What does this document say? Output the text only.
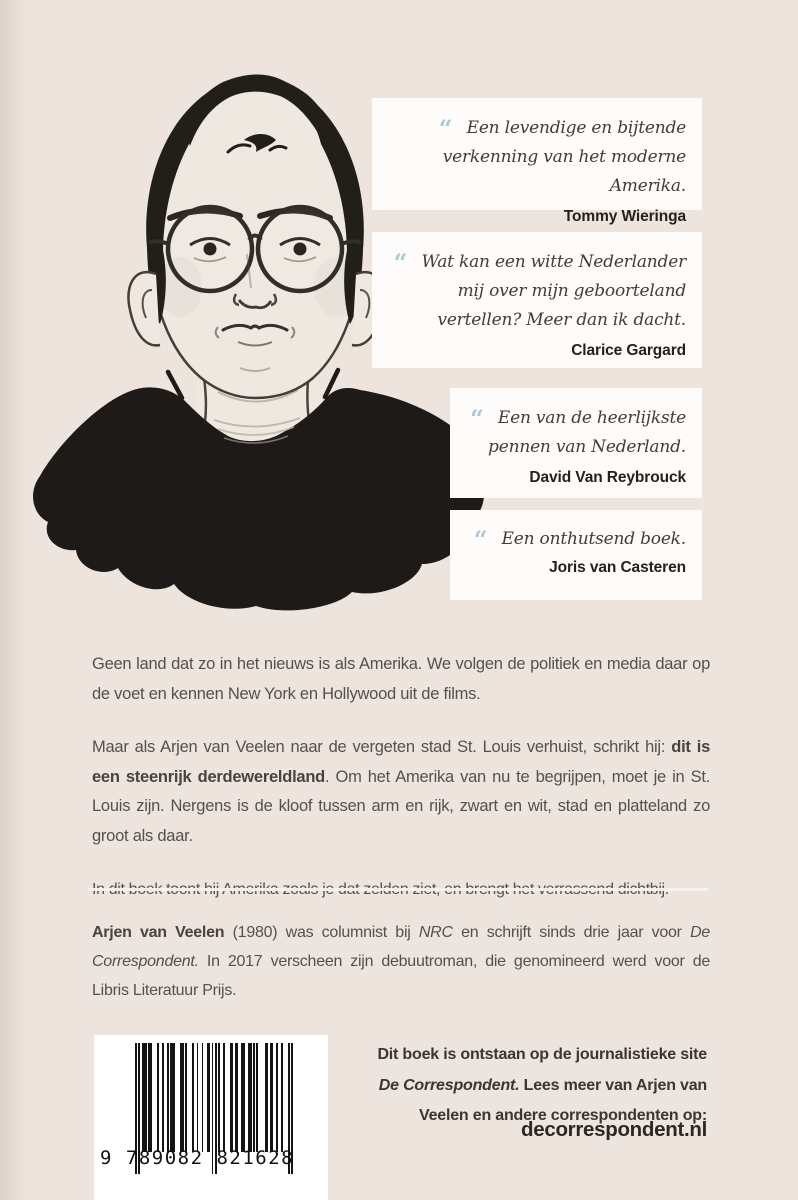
“ Een levendige en bijtende verkenning van het moderne Amerika.
Tommy Wieringa
“ Wat kan een witte Nederlander mij over mijn geboorteland vertellen? Meer dan ik dacht.
Clarice Gargard
“ Een van de heerlijkste pennen van Nederland.
David Van Reybrouck
“ Een onthutsend boek.
Joris van Casteren

Geen land dat zo in het nieuws is als Amerika. We volgen de politiek en media daar op de voet en kennen New York en Hollywood uit de films.

Maar als Arjen van Veelen naar de vergeten stad St. Louis verhuist, schrikt hij: dit is een steenrijk derdewereldland. Om het Amerika van nu te begrijpen, moet je in St. Louis zijn. Nergens is de kloof tussen arm en rijk, zwart en wit, stad en platteland zo groot als daar.

Arjen van Veelen (1980) was columnist bij NRC en schrijft sinds drie jaar voor De Correspondent. In 2017 verscheen zijn debuutroman, die genomineerd werd voor de Libris Literatuur Prijs.
Dit boek is ontstaan op de journalistieke site
De Correspondent. Lees meer van Arjen van
Veelen en andere correspondenten op:
decorrespondent.nl
9 789082 821628
